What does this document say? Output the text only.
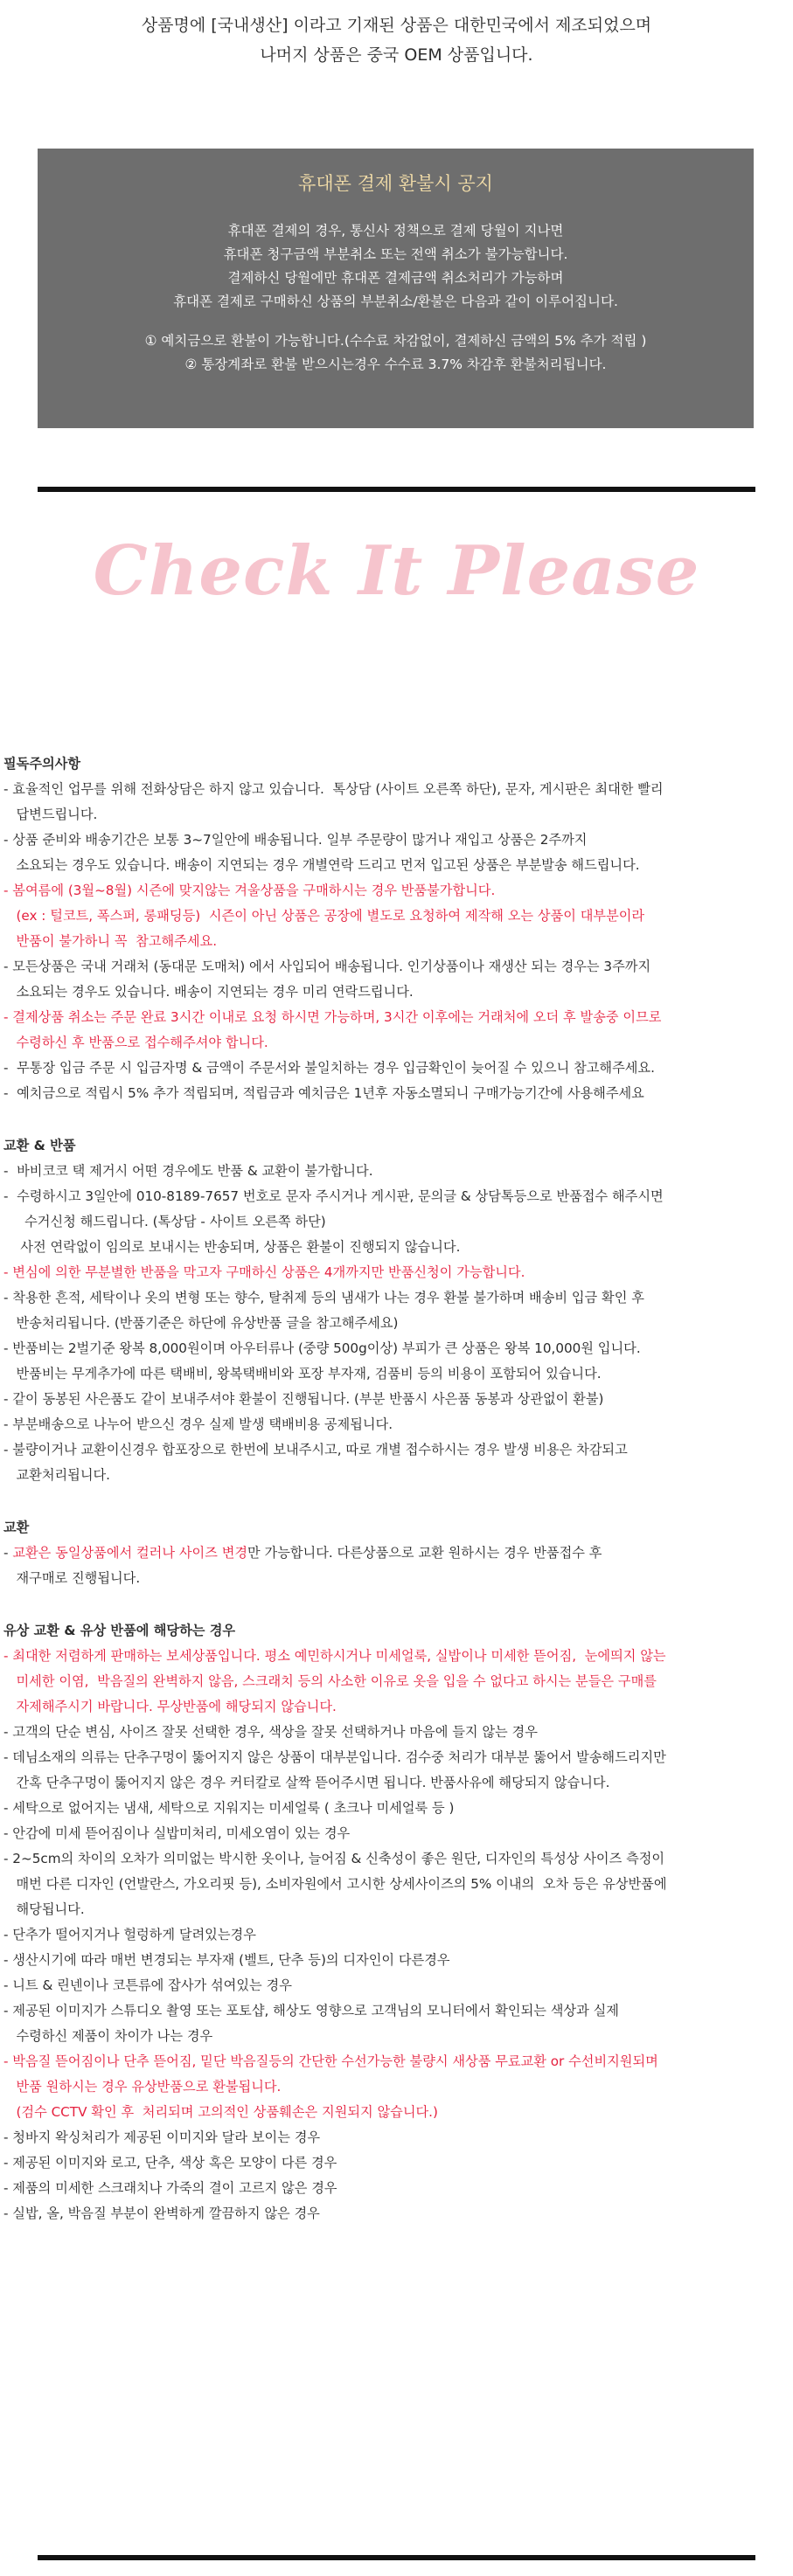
상품명에 [국내생산] 이라고 기재된 상품은 대한민국에서 제조되었으며
나머지 상품은 중국 OEM 상품입니다.
휴대폰 결제 환불시 공지
휴대폰 결제의 경우, 통신사 정책으로 결제 당월이 지나면
휴대폰 청구금액 부분취소 또는 전액 취소가 불가능합니다.
결제하신 당월에만 휴대폰 결제금액 취소처리가 가능하며
휴대폰 결제로 구매하신 상품의 부분취소/환불은 다음과 같이 이루어집니다.
① 예치금으로 환불이 가능합니다.(수수료 차감없이, 결제하신 금액의 5% 추가 적립 )
② 통장계좌로 환불 받으시는경우 수수료 3.7% 차감후 환불처리됩니다.
Check It Please
필독주의사항
- 효율적인 업무를 위해 전화상담은 하지 않고 있습니다.  톡상담 (사이트 오른쪽 하단), 문자, 게시판은 최대한 빨리
답변드립니다.
- 상품 준비와 배송기간은 보통 3~7일안에 배송됩니다. 일부 주문량이 많거나 재입고 상품은 2주까지
소요되는 경우도 있습니다. 배송이 지연되는 경우 개별연락 드리고 먼저 입고된 상품은 부분발송 해드립니다.
- 봄여름에 (3월~8월) 시즌에 맞지않는 겨울상품을 구매하시는 경우 반품불가합니다.
(ex : 털코트, 폭스퍼, 롱패딩등)  시즌이 아닌 상품은 공장에 별도로 요청하여 제작해 오는 상품이 대부분이라
반품이 불가하니 꼭  참고해주세요.
- 모든상품은 국내 거래처 (동대문 도매처) 에서 사입되어 배송됩니다. 인기상품이나 재생산 되는 경우는 3주까지
소요되는 경우도 있습니다. 배송이 지연되는 경우 미리 연락드립니다.
- 결제상품 취소는 주문 완료 3시간 이내로 요청 하시면 가능하며, 3시간 이후에는 거래처에 오더 후 발송중 이므로
수령하신 후 반품으로 접수해주셔야 합니다.
-  무통장 입금 주문 시 입금자명 & 금액이 주문서와 불일치하는 경우 입금확인이 늦어질 수 있으니 참고해주세요.
-  예치금으로 적립시 5% 추가 적립되며, 적립금과 예치금은 1년후 자동소멸되니 구매가능기간에 사용해주세요
교환 & 반품
-  바비코코 택 제거시 어떤 경우에도 반품 & 교환이 불가합니다.
-  수령하시고 3일안에 010-8189-7657 번호로 문자 주시거나 게시판, 문의글 & 상담톡등으로 반품접수 해주시면
수거신청 해드립니다. (톡상담 - 사이트 오른쪽 하단)
사전 연락없이 임의로 보내시는 반송되며, 상품은 환불이 진행되지 않습니다.
- 변심에 의한 무분별한 반품을 막고자 구매하신 상품은 4개까지만 반품신청이 가능합니다.
- 착용한 흔적, 세탁이나 옷의 변형 또는 향수, 탈취제 등의 냄새가 나는 경우 환불 불가하며 배송비 입금 확인 후
반송처리됩니다. (반품기준은 하단에 유상반품 글을 참고해주세요)
- 반품비는 2벌기준 왕복 8,000원이며 아우터류나 (중량 500g이상) 부피가 큰 상품은 왕복 10,000원 입니다.
반품비는 무게추가에 따른 택배비, 왕복택배비와 포장 부자재, 검품비 등의 비용이 포함되어 있습니다.
- 같이 동봉된 사은품도 같이 보내주셔야 환불이 진행됩니다. (부분 반품시 사은품 동봉과 상관없이 환불)
- 부분배송으로 나누어 받으신 경우 실제 발생 택배비용 공제됩니다.
- 불량이거나 교환이신경우 합포장으로 한번에 보내주시고, 따로 개별 접수하시는 경우 발생 비용은 차감되고
교환처리됩니다.
교환
- 교환은 동일상품에서 컬러나 사이즈 변경만 가능합니다. 다른상품으로 교환 원하시는 경우 반품접수 후
재구매로 진행됩니다.
유상 교환 & 유상 반품에 해당하는 경우
- 최대한 저렴하게 판매하는 보세상품입니다. 평소 예민하시거나 미세얼룩, 실밥이나 미세한 뜯어짐,  눈에띄지 않는
미세한 이염,  박음질의 완벽하지 않음, 스크래치 등의 사소한 이유로 옷을 입을 수 없다고 하시는 분들은 구매를
자제해주시기 바랍니다. 무상반품에 해당되지 않습니다.
- 고객의 단순 변심, 사이즈 잘못 선택한 경우, 색상을 잘못 선택하거나 마음에 들지 않는 경우
- 데님소재의 의류는 단추구멍이 뚫어지지 않은 상품이 대부분입니다. 검수중 처리가 대부분 뚫어서 발송해드리지만
간혹 단추구멍이 뚫어지지 않은 경우 커터칼로 살짝 뜯어주시면 됩니다. 반품사유에 해당되지 않습니다.
- 세탁으로 없어지는 냄새, 세탁으로 지워지는 미세얼룩 ( 초크나 미세얼룩 등 )
- 안감에 미세 뜯어짐이나 실밥미처리, 미세오염이 있는 경우
- 2~5cm의 차이의 오차가 의미없는 박시한 옷이나, 늘어짐 & 신축성이 좋은 원단, 디자인의 특성상 사이즈 측정이
매번 다른 디자인 (언발란스, 가오리핏 등), 소비자원에서 고시한 상세사이즈의 5% 이내의  오차 등은 유상반품에
해당됩니다.
- 단추가 떨어지거나 헐렁하게 달려있는경우
- 생산시기에 따라 매번 변경되는 부자재 (벨트, 단추 등)의 디자인이 다른경우
- 니트 & 린넨이나 코튼류에 잡사가 섞여있는 경우
- 제공된 이미지가 스튜디오 촬영 또는 포토샵, 해상도 영향으로 고객님의 모니터에서 확인되는 색상과 실제
수령하신 제품이 차이가 나는 경우
- 박음질 뜯어짐이나 단추 뜯어짐, 밑단 박음질등의 간단한 수선가능한 불량시 새상품 무료교환 or 수선비지원되며
반품 원하시는 경우 유상반품으로 환불됩니다.
(검수 CCTV 확인 후  처리되며 고의적인 상품훼손은 지원되지 않습니다.)
- 청바지 왁싱처리가 제공된 이미지와 달라 보이는 경우
- 제공된 이미지와 로고, 단추, 색상 혹은 모양이 다른 경우
- 제품의 미세한 스크래치나 가죽의 결이 고르지 않은 경우
- 실밥, 올, 박음질 부분이 완벽하게 깔끔하지 않은 경우
